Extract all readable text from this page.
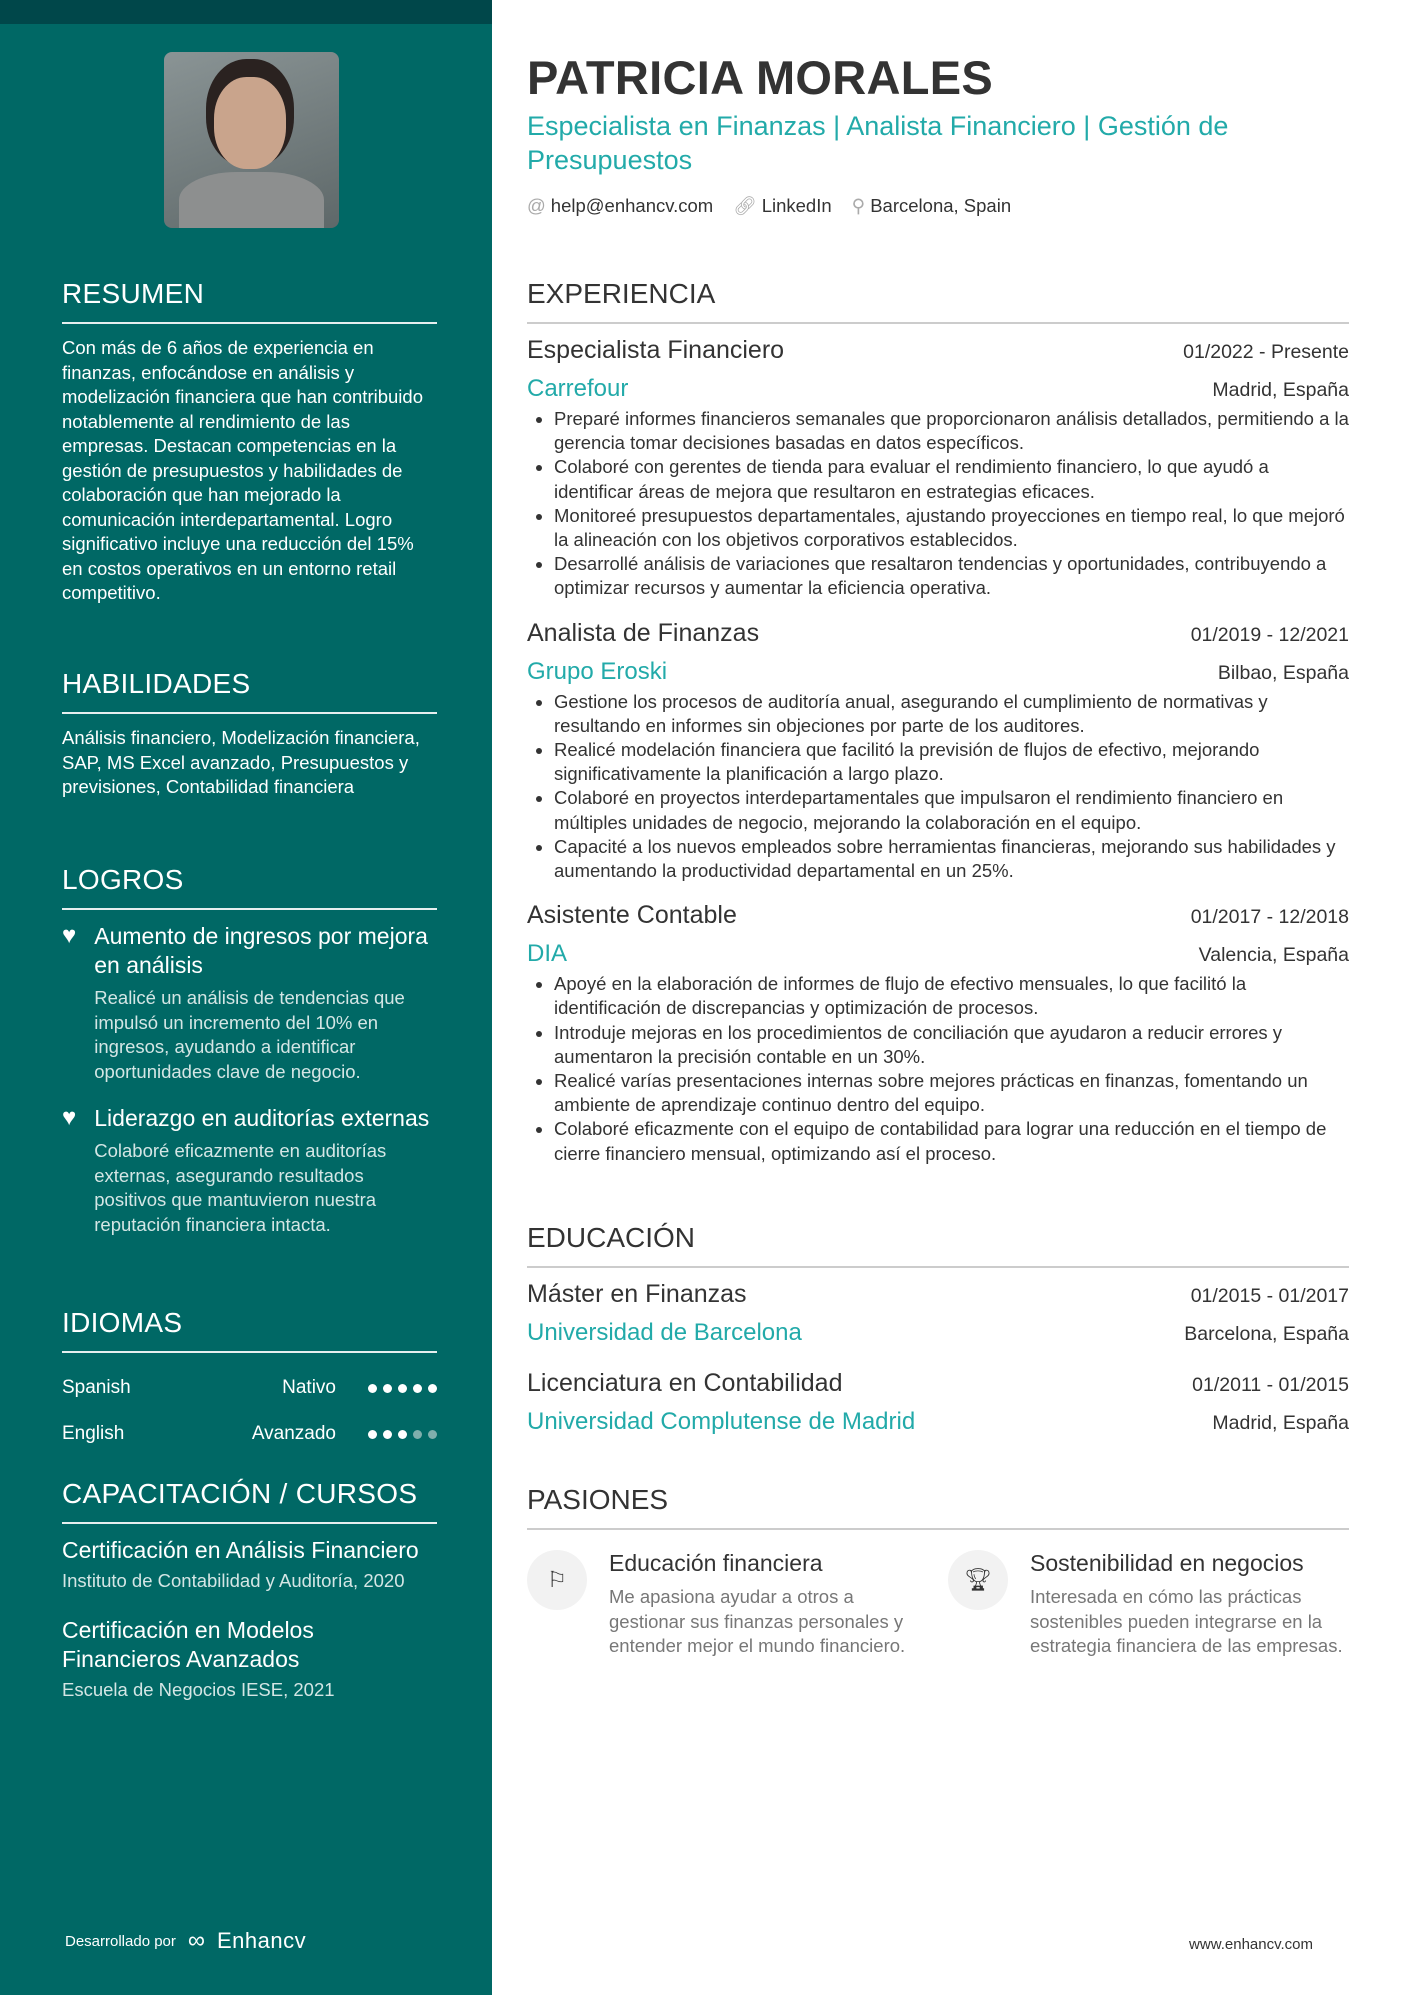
RESUMEN

Con más de 6 años de experiencia en finanzas, enfocándose en análisis y modelización financiera que han contribuido notablemente al rendimiento de las empresas. Destacan competencias en la gestión de presupuestos y habilidades de colaboración que han mejorado la comunicación interdepartamental. Logro significativo incluye una reducción del 15% en costos operativos en un entorno retail competitivo.

HABILIDADES

Análisis financiero, Modelización financiera, SAP, MS Excel avanzado, Presupuestos y previsiones, Contabilidad financiera

LOGROS
♥ Aumento de ingresos por mejora en análisis

Realicé un análisis de tendencias que impulsó un incremento del 10% en ingresos, ayudando a identificar oportunidades clave de negocio.

♥ Liderazgo en auditorías externas

Colaboré eficazmente en auditorías externas, asegurando resultados positivos que mantuvieron nuestra reputación financiera intacta.

IDIOMAS
Spanish	Nativo
English	Avanzado
CAPACITACIÓN / CURSOS
Certificación en Análisis Financiero

Instituto de Contabilidad y Auditoría, 2020

Certificación en Modelos Financieros Avanzados

Escuela de Negocios IESE, 2021

Desarrollado por ∞ Enhancv
PATRICIA MORALES
Especialista en Finanzas | Analista Financiero | Gestión de Presupuestos
@ help@enhancv.com 🔗︎ LinkedIn ⚲ Barcelona, Spain
EXPERIENCIA
Especialista Financiero	01/2022 - Presente
Carrefour	Madrid, España
• Preparé informes financieros semanales que proporcionaron análisis detallados, permitiendo a la gerencia tomar decisiones basadas en datos específicos.
• Colaboré con gerentes de tienda para evaluar el rendimiento financiero, lo que ayudó a identificar áreas de mejora que resultaron en estrategias eficaces.
• Monitoreé presupuestos departamentales, ajustando proyecciones en tiempo real, lo que mejoró la alineación con los objetivos corporativos establecidos.
• Desarrollé análisis de variaciones que resaltaron tendencias y oportunidades, contribuyendo a optimizar recursos y aumentar la eficiencia operativa.
Analista de Finanzas	01/2019 - 12/2021
Grupo Eroski	Bilbao, España
• Gestione los procesos de auditoría anual, asegurando el cumplimiento de normativas y resultando en informes sin objeciones por parte de los auditores.
• Realicé modelación financiera que facilitó la previsión de flujos de efectivo, mejorando significativamente la planificación a largo plazo.
• Colaboré en proyectos interdepartamentales que impulsaron el rendimiento financiero en múltiples unidades de negocio, mejorando la colaboración en el equipo.
• Capacité a los nuevos empleados sobre herramientas financieras, mejorando sus habilidades y aumentando la productividad departamental en un 25%.
Asistente Contable	01/2017 - 12/2018
DIA	Valencia, España
• Apoyé en la elaboración de informes de flujo de efectivo mensuales, lo que facilitó la identificación de discrepancias y optimización de procesos.
• Introduje mejoras en los procedimientos de conciliación que ayudaron a reducir errores y aumentaron la precisión contable en un 30%.
• Realicé varías presentaciones internas sobre mejores prácticas en finanzas, fomentando un ambiente de aprendizaje continuo dentro del equipo.
• Colaboré eficazmente con el equipo de contabilidad para lograr una reducción en el tiempo de cierre financiero mensual, optimizando así el proceso.
EDUCACIÓN
Máster en Finanzas	01/2015 - 01/2017
Universidad de Barcelona	Barcelona, España
Licenciatura en Contabilidad	01/2011 - 01/2015
Universidad Complutense de Madrid	Madrid, España
PASIONES
⚐
Educación financiera

Me apasiona ayudar a otros a gestionar sus finanzas personales y entender mejor el mundo financiero.

🏆︎
Sostenibilidad en negocios

Interesada en cómo las prácticas sostenibles pueden integrarse en la estrategia financiera de las empresas.

www.enhancv.com
